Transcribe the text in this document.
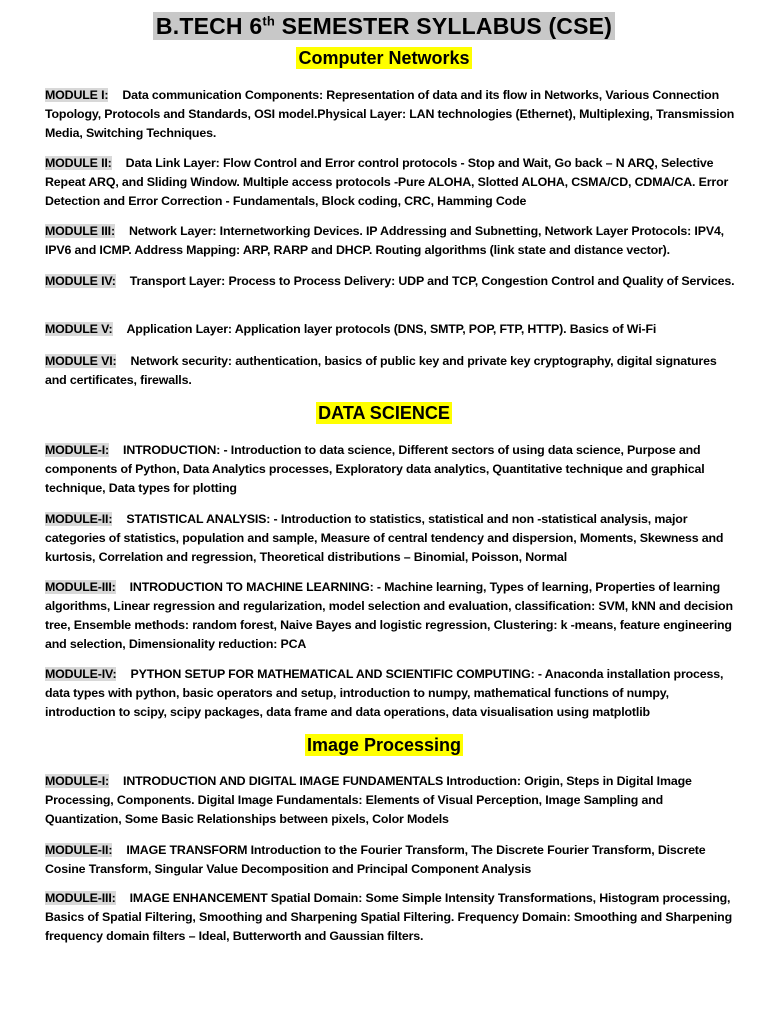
B.TECH 6th SEMESTER SYLLABUS (CSE)
Computer Networks
MODULE I: Data communication Components: Representation of data and its flow in Networks, Various Connection Topology, Protocols and Standards, OSI model.Physical Layer: LAN technologies (Ethernet), Multiplexing, Transmission Media, Switching Techniques.
MODULE II: Data Link Layer: Flow Control and Error control protocols - Stop and Wait, Go back – N ARQ, Selective Repeat ARQ, and Sliding Window. Multiple access protocols -Pure ALOHA, Slotted ALOHA, CSMA/CD, CDMA/CA. Error Detection and Error Correction - Fundamentals, Block coding, CRC, Hamming Code
MODULE III: Network Layer: Internetworking Devices. IP Addressing and Subnetting, Network Layer Protocols: IPV4, IPV6 and ICMP. Address Mapping: ARP, RARP and DHCP. Routing algorithms (link state and distance vector).
MODULE IV: Transport Layer: Process to Process Delivery: UDP and TCP, Congestion Control and Quality of Services.
MODULE V: Application Layer: Application layer protocols (DNS, SMTP, POP, FTP, HTTP). Basics of Wi-Fi
MODULE VI: Network security: authentication, basics of public key and private key cryptography, digital signatures and certificates, firewalls.
DATA SCIENCE
MODULE-I: INTRODUCTION: - Introduction to data science, Different sectors of using data science, Purpose and components of Python, Data Analytics processes, Exploratory data analytics, Quantitative technique and graphical technique, Data types for plotting
MODULE-II: STATISTICAL ANALYSIS: - Introduction to statistics, statistical and non -statistical analysis, major categories of statistics, population and sample, Measure of central tendency and dispersion, Moments, Skewness and kurtosis, Correlation and regression, Theoretical distributions – Binomial, Poisson, Normal
MODULE-III: INTRODUCTION TO MACHINE LEARNING: - Machine learning, Types of learning, Properties of learning algorithms, Linear regression and regularization, model selection and evaluation, classification: SVM, kNN and decision tree, Ensemble methods: random forest, Naive Bayes and logistic regression, Clustering: k -means, feature engineering and selection, Dimensionality reduction: PCA
MODULE-IV: PYTHON SETUP FOR MATHEMATICAL AND SCIENTIFIC COMPUTING: - Anaconda installation process, data types with python, basic operators and setup, introduction to numpy, mathematical functions of numpy, introduction to scipy, scipy packages, data frame and data operations, data visualisation using matplotlib
Image Processing
MODULE-I: INTRODUCTION AND DIGITAL IMAGE FUNDAMENTALS Introduction: Origin, Steps in Digital Image Processing, Components. Digital Image Fundamentals: Elements of Visual Perception, Image Sampling and Quantization, Some Basic Relationships between pixels, Color Models
MODULE-II: IMAGE TRANSFORM Introduction to the Fourier Transform, The Discrete Fourier Transform, Discrete Cosine Transform, Singular Value Decomposition and Principal Component Analysis
MODULE-III: IMAGE ENHANCEMENT Spatial Domain: Some Simple Intensity Transformations, Histogram processing, Basics of Spatial Filtering, Smoothing and Sharpening Spatial Filtering. Frequency Domain: Smoothing and Sharpening frequency domain filters – Ideal, Butterworth and Gaussian filters.
